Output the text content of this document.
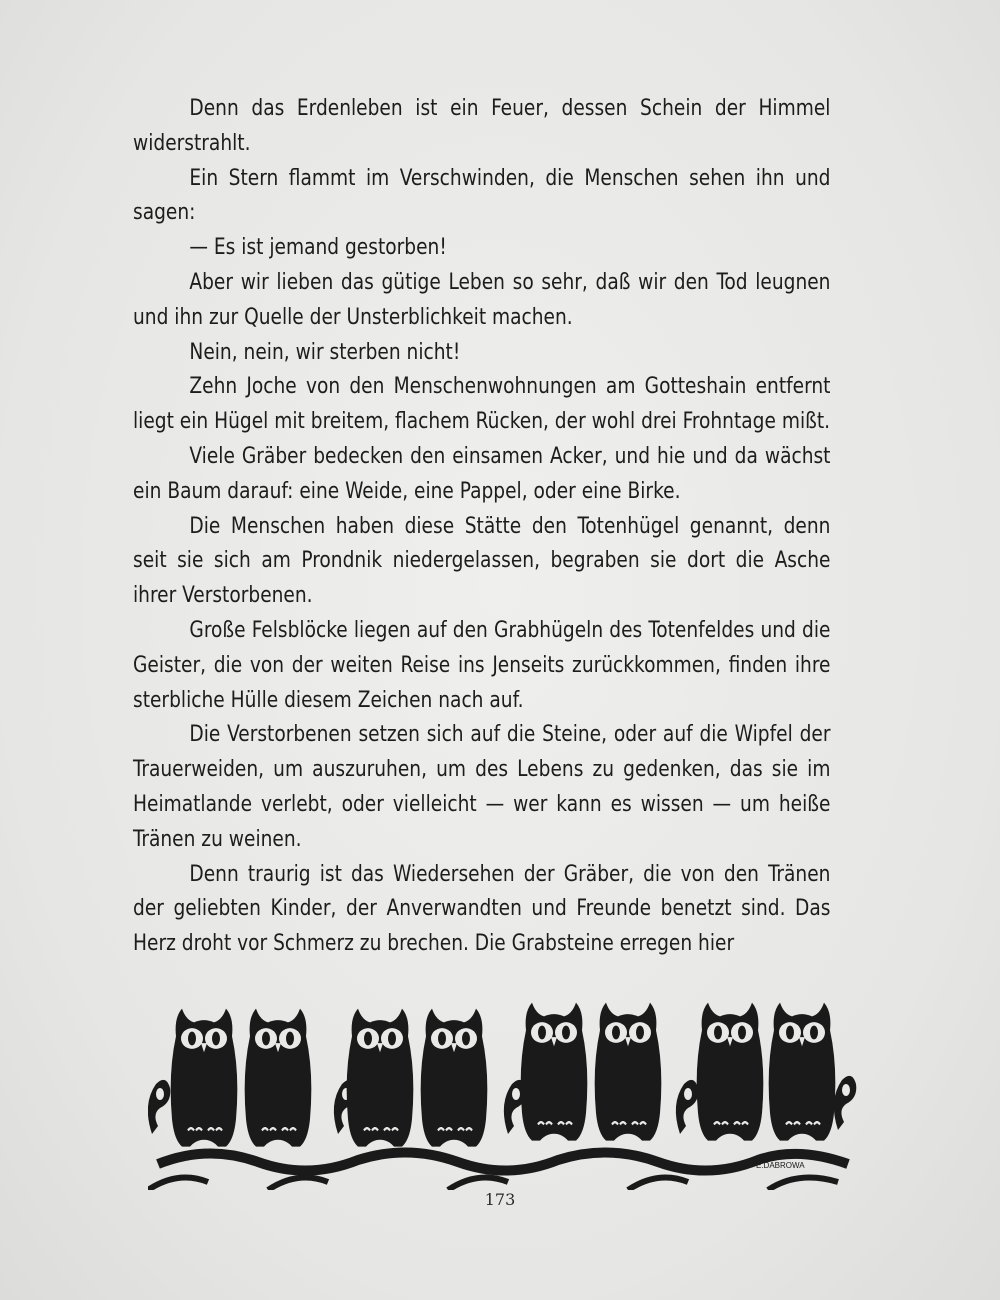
Denn das Erdenleben ist ein Feuer, dessen Schein der Himmel widerstrahlt.

Ein Stern flammt im Verschwinden, die Menschen sehen ihn und sagen:

— Es ist jemand gestorben!

Aber wir lieben das gütige Leben so sehr, daß wir den Tod leugnen und ihn zur Quelle der Unsterblichkeit machen.

Nein, nein, wir sterben nicht!

Zehn Joche von den Menschenwohnungen am Gotteshain entfernt liegt ein Hügel mit breitem, flachem Rücken, der wohl drei Frohntage mißt.

Viele Gräber bedecken den einsamen Acker, und hie und da wächst ein Baum darauf: eine Weide, eine Pappel, oder eine Birke.

Die Menschen haben diese Stätte den Totenhügel genannt, denn seit sie sich am Prondnik niedergelassen, begraben sie dort die Asche ihrer Verstorbenen.

Große Felsblöcke liegen auf den Grabhügeln des Totenfeldes und die Geister, die von der weiten Reise ins Jenseits zurückkommen, finden ihre sterbliche Hülle diesem Zeichen nach auf.

Die Verstorbenen setzen sich auf die Steine, oder auf die Wipfel der Trauerweiden, um auszuruhen, um des Lebens zu gedenken, das sie im Heimatlande verlebt, oder vielleicht — wer kann es wissen — um heiße Tränen zu weinen.

Denn traurig ist das Wiedersehen der Gräber, die von den Tränen der geliebten Kinder, der Anverwandten und Freunde benetzt sind. Das Herz droht vor Schmerz zu brechen. Die Grabsteine erregen hier

E.DABROWA
173
